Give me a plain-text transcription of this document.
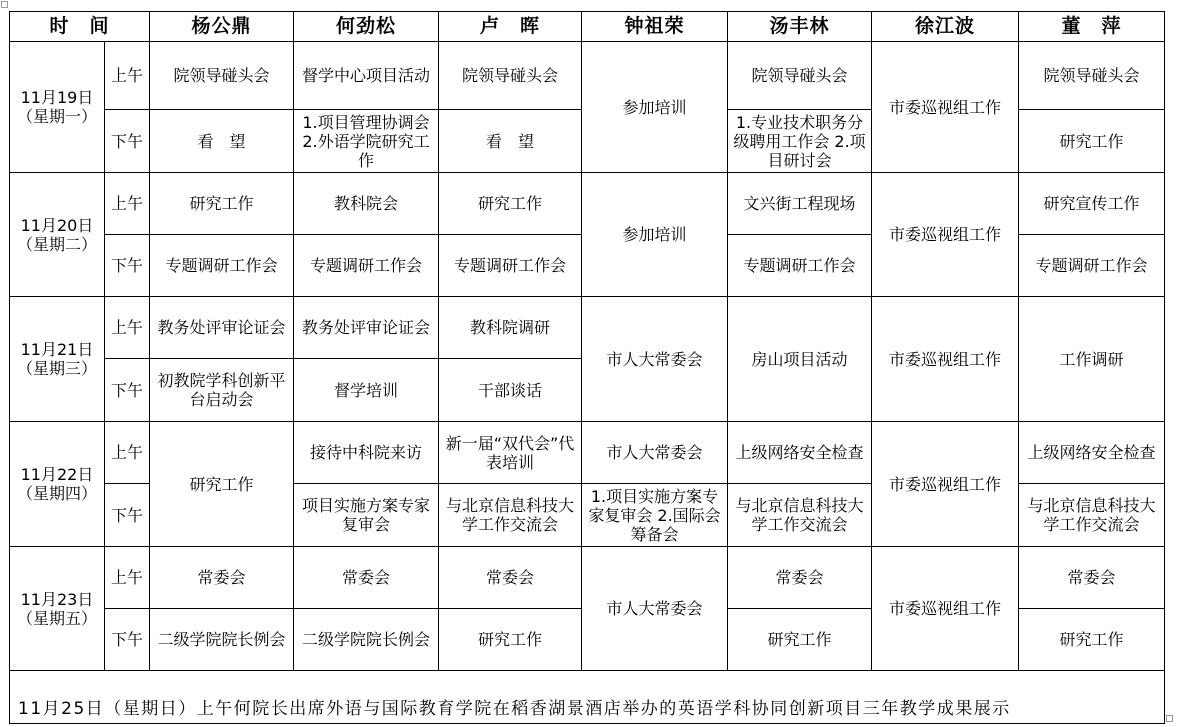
时　间		杨公鼎	何劲松	卢　晖	钟祖荣	汤丰林	徐江波	董　萍

11月19日
（星期一）	上午	院领导碰头会	督学中心项目活动	院领导碰头会	参加培训	院领导碰头会	市委巡视组工作	院领导碰头会
	下午	看　望	1.项目管理协调会 2.外语学院研究工作	看　望		1.专业技术职务分级聘用工作会 2.项目研讨会		研究工作

11月20日
（星期二）	上午	研究工作	教科院会	研究工作	参加培训	文兴街工程现场	市委巡视组工作	研究宣传工作
	下午	专题调研工作会	专题调研工作会	专题调研工作会		专题调研工作会		专题调研工作会

11月21日
（星期三）	上午	教务处评审论证会	教务处评审论证会	教科院调研	市人大常委会	房山项目活动	市委巡视组工作	工作调研
	下午	初教院学科创新平台启动会	督学培训	干部谈话				

11月22日
（星期四）	上午	研究工作	接待中科院来访	新一届“双代会”代表培训	市人大常委会	上级网络安全检查	市委巡视组工作	上级网络安全检查
	下午		项目实施方案专家复审会	与北京信息科技大学工作交流会	1.项目实施方案专家复审会 2.国际会筹备会	与北京信息科技大学工作交流会		与北京信息科技大学工作交流会

11月23日
（星期五）	上午	常委会	常委会	常委会	市人大常委会	常委会	市委巡视组工作	常委会
	下午	二级学院院长例会	二级学院院长例会	研究工作		研究工作		研究工作
11月25日（星期日）上午何院长出席外语与国际教育学院在稻香湖景酒店举办的英语学科协同创新项目三年教学成果展示								
